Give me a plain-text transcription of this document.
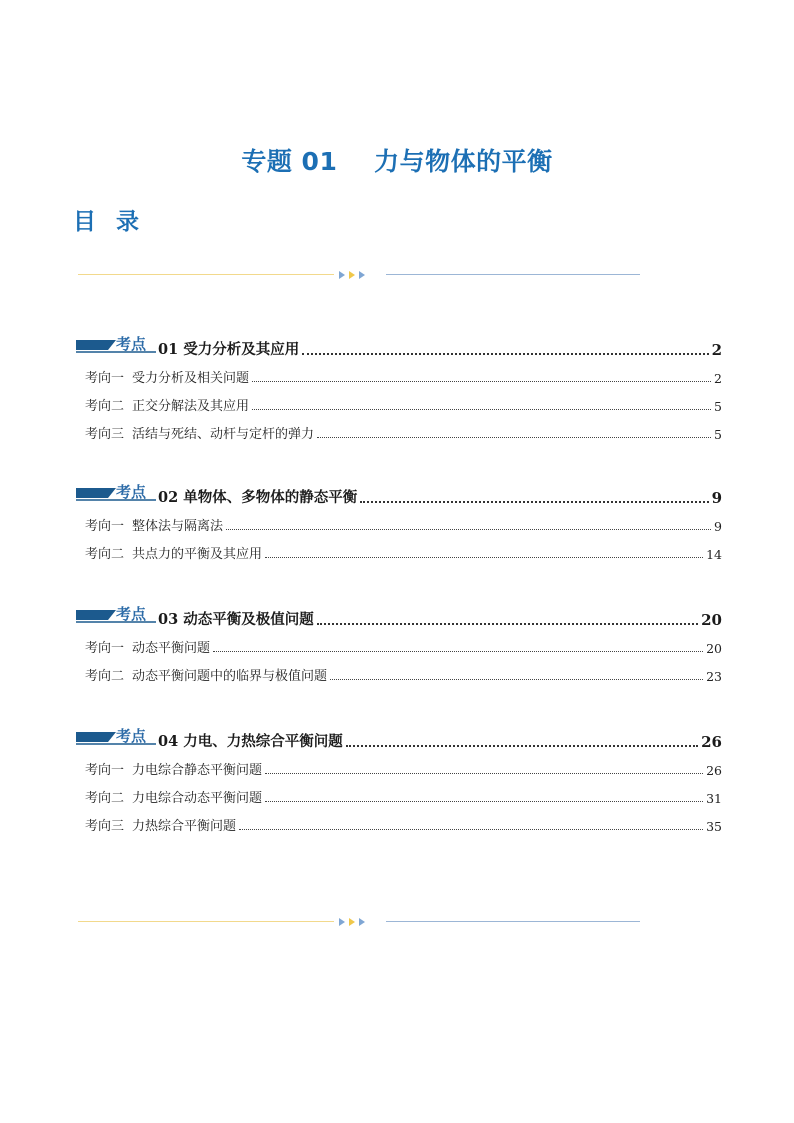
专题 01    力与物体的平衡
目 录
考点 01 受力分析及其应用	2
考向一 受力分析及相关问题	2
考向二 正交分解法及其应用	5
考向三 活结与死结、动杆与定杆的弹力	5
考点 02 单物体、多物体的静态平衡	9
考向一 整体法与隔离法	9
考向二 共点力的平衡及其应用	14
考点 03 动态平衡及极值问题	20
考向一 动态平衡问题	20
考向二 动态平衡问题中的临界与极值问题	23
考点 04 力电、力热综合平衡问题	26
考向一 力电综合静态平衡问题	26
考向二 力电综合动态平衡问题	31
考向三 力热综合平衡问题	35
